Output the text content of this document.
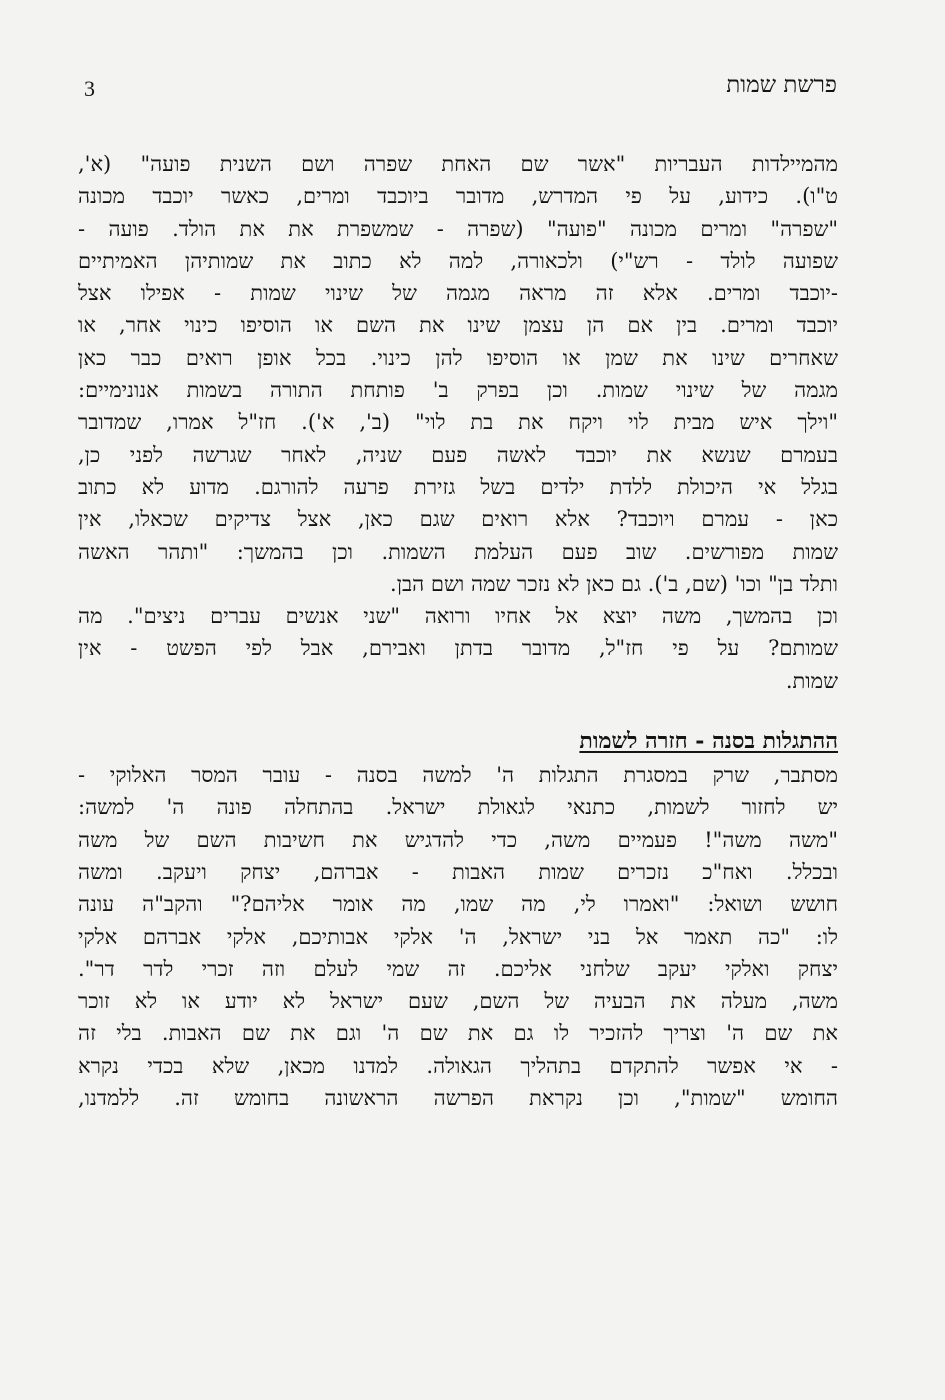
3	פרשת שמות
מהמיילדות העבריות "אשר שם האחת שפרה ושם השנית פועה" (א',
ט"ו). כידוע, על פי המדרש, מדובר ביוכבד ומרים, כאשר יוכבד מכונה
"שפרה" ומרים מכונה "פועה" (שפרה - שמשפרת את את הולד. פועה -
שפועה לולד - רש"י) ולכאורה, למה לא כתוב את שמותיהן האמיתיים
-יוכבד ומרים. אלא זה מראה מגמה של שינוי שמות - אפילו אצל
יוכבד ומרים. בין אם הן עצמן שינו את השם או הוסיפו כינוי אחר, או
שאחרים שינו את שמן או הוסיפו להן כינוי. בכל אופן רואים כבר כאן
מגמה של שינוי שמות. וכן בפרק ב' פותחת התורה בשמות אנונימיים:
"וילך איש מבית לוי ויקח את בת לוי" (ב', א'). חז"ל אמרו, שמדובר
בעמרם שנשא את יוכבד לאשה פעם שניה, לאחר שגרשה לפני כן,
בגלל אי היכולת ללדת ילדים בשל גזירת פרעה להורגם. מדוע לא כתוב
כאן - עמרם ויוכבד? אלא רואים שגם כאן, אצל צדיקים שכאלו, אין
שמות מפורשים. שוב פעם העלמת השמות. וכן בהמשך: "ותהר האשה
ותלד בן" וכו' (שם, ב'). גם כאן לא נזכר שמה ושם הבן.
וכן בהמשך, משה יוצא אל אחיו ורואה "שני אנשים עברים ניצים". מה
שמותם? על פי חז"ל, מדובר בדתן ואבירם, אבל לפי הפשט - אין
שמות.
ההתגלות בסנה - חזרה לשמות
מסתבר, שרק במסגרת התגלות ה' למשה בסנה - עובר המסר האלוקי -
יש לחזור לשמות, כתנאי לגאולת ישראל. בהתחלה פונה ה' למשה:
"משה משה"! פעמיים משה, כדי להדגיש את חשיבות השם של משה
ובכלל. ואח"כ נזכרים שמות האבות - אברהם, יצחק ויעקב. ומשה
חושש ושואל: "ואמרו לי, מה שמו, מה אומר אליהם?" והקב"ה עונה
לו: "כה תאמר אל בני ישראל, ה' אלקי אבותיכם, אלקי אברהם אלקי
יצחק ואלקי יעקב שלחני אליכם. זה שמי לעלם וזה זכרי לדר דר".
משה, מעלה את הבעיה של השם, שעם ישראל לא יודע או לא זוכר
את שם ה' וצריך להזכיר לו גם את שם ה' וגם את שם האבות. בלי זה
- אי אפשר להתקדם בתהליך הגאולה. למדנו מכאן, שלא בכדי נקרא
החומש "שמות", וכן נקראת הפרשה הראשונה בחומש זה. ללמדנו,
